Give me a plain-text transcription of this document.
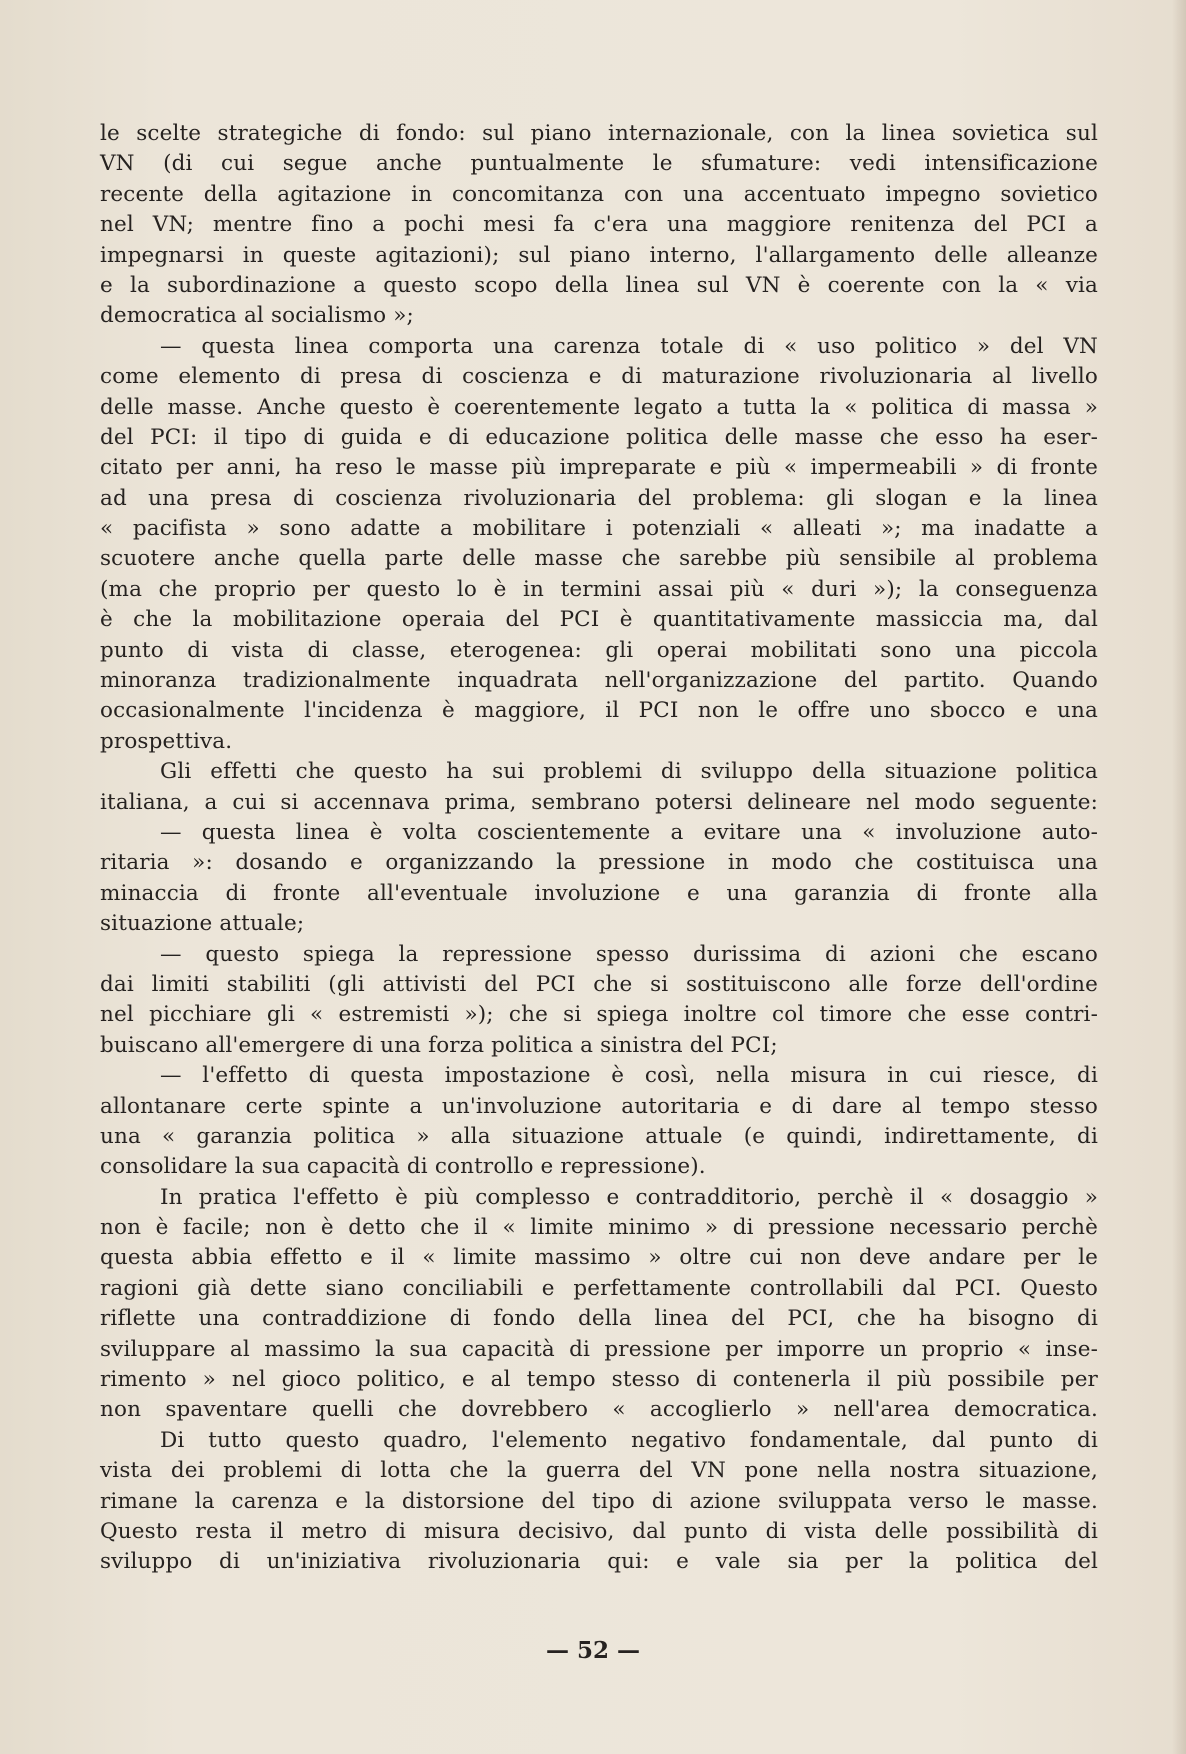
le scelte strategiche di fondo: sul piano internazionale, con la linea sovietica sul
VN (di cui segue anche puntualmente le sfumature: vedi intensificazione
recente della agitazione in concomitanza con una accentuato impegno sovietico
nel VN; mentre fino a pochi mesi fa c'era una maggiore renitenza del PCI a
impegnarsi in queste agitazioni); sul piano interno, l'allargamento delle alleanze
e la subordinazione a questo scopo della linea sul VN è coerente con la « via
democratica al socialismo »;
— questa linea comporta una carenza totale di « uso politico » del VN
come elemento di presa di coscienza e di maturazione rivoluzionaria al livello
delle masse. Anche questo è coerentemente legato a tutta la « politica di massa »
del PCI: il tipo di guida e di educazione politica delle masse che esso ha eser-
citato per anni, ha reso le masse più impreparate e più « impermeabili » di fronte
ad una presa di coscienza rivoluzionaria del problema: gli slogan e la linea
« pacifista » sono adatte a mobilitare i potenziali « alleati »; ma inadatte a
scuotere anche quella parte delle masse che sarebbe più sensibile al problema
(ma che proprio per questo lo è in termini assai più « duri »); la conseguenza
è che la mobilitazione operaia del PCI è quantitativamente massiccia ma, dal
punto di vista di classe, eterogenea: gli operai mobilitati sono una piccola
minoranza tradizionalmente inquadrata nell'organizzazione del partito. Quando
occasionalmente l'incidenza è maggiore, il PCI non le offre uno sbocco e una
prospettiva.
Gli effetti che questo ha sui problemi di sviluppo della situazione politica
italiana, a cui si accennava prima, sembrano potersi delineare nel modo seguente:
— questa linea è volta coscientemente a evitare una « involuzione auto-
ritaria »: dosando e organizzando la pressione in modo che costituisca una
minaccia di fronte all'eventuale involuzione e una garanzia di fronte alla
situazione attuale;
— questo spiega la repressione spesso durissima di azioni che escano
dai limiti stabiliti (gli attivisti del PCI che si sostituiscono alle forze dell'ordine
nel picchiare gli « estremisti »); che si spiega inoltre col timore che esse contri-
buiscano all'emergere di una forza politica a sinistra del PCI;
— l'effetto di questa impostazione è così, nella misura in cui riesce, di
allontanare certe spinte a un'involuzione autoritaria e di dare al tempo stesso
una « garanzia politica » alla situazione attuale (e quindi, indirettamente, di
consolidare la sua capacità di controllo e repressione).
In pratica l'effetto è più complesso e contradditorio, perchè il « dosaggio »
non è facile; non è detto che il « limite minimo » di pressione necessario perchè
questa abbia effetto e il « limite massimo » oltre cui non deve andare per le
ragioni già dette siano conciliabili e perfettamente controllabili dal PCI. Questo
riflette una contraddizione di fondo della linea del PCI, che ha bisogno di
sviluppare al massimo la sua capacità di pressione per imporre un proprio « inse-
rimento » nel gioco politico, e al tempo stesso di contenerla il più possibile per
non spaventare quelli che dovrebbero « accoglierlo » nell'area democratica.
Di tutto questo quadro, l'elemento negativo fondamentale, dal punto di
vista dei problemi di lotta che la guerra del VN pone nella nostra situazione,
rimane la carenza e la distorsione del tipo di azione sviluppata verso le masse.
Questo resta il metro di misura decisivo, dal punto di vista delle possibilità di
sviluppo di un'iniziativa rivoluzionaria qui: e vale sia per la politica del
— 52 —
